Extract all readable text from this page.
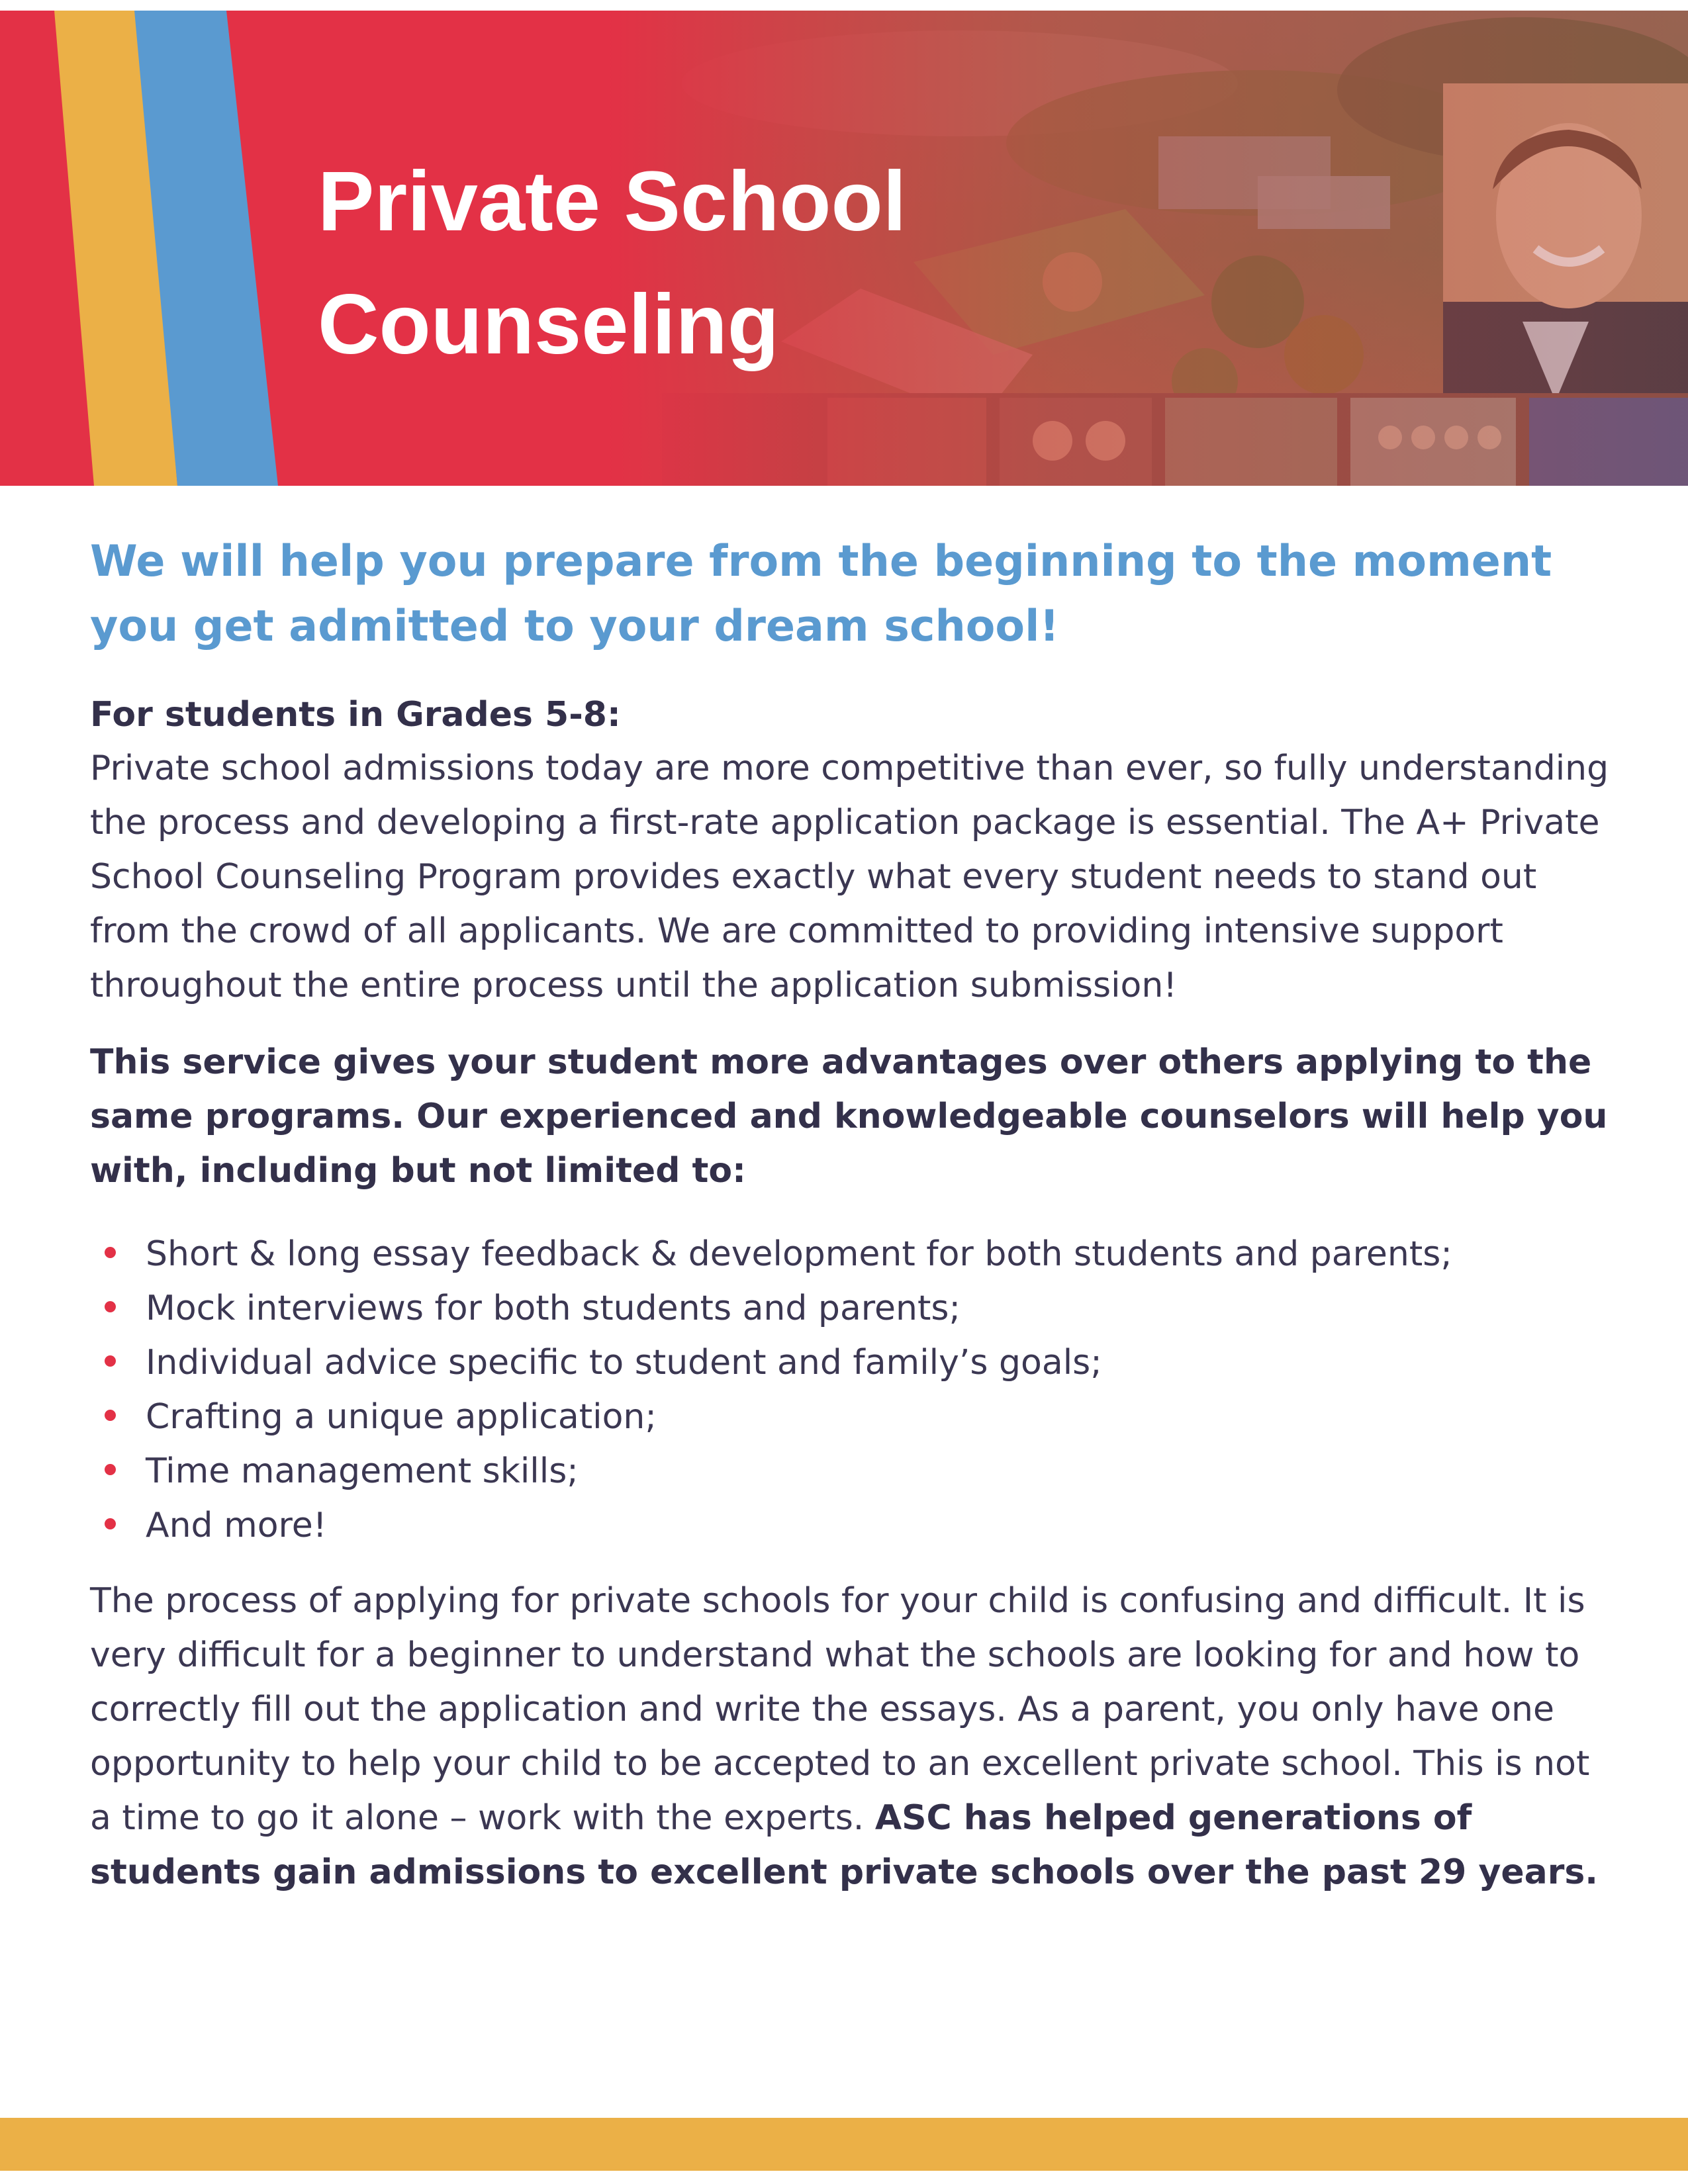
Private School
Counseling

We will help you prepare from the beginning to the moment you get admitted to your dream school!

For students in Grades 5-8:

Private school admissions today are more competitive than ever, so fully understanding the process and developing a first-rate application package is essential. The A+ Private School Counseling Program provides exactly what every student needs to stand out from the crowd of all applicants. We are committed to providing intensive support throughout the entire process until the application submission!

This service gives your student more advantages over others applying to the same programs. Our experienced and knowledgeable counselors will help you with, including but not limited to:

Short & long essay feedback & development for both students and parents;
Mock interviews for both students and parents;
Individual advice specific to student and family’s goals;
Crafting a unique application;
Time management skills;
And more!

The process of applying for private schools for your child is confusing and difficult. It is very difficult for a beginner to understand what the schools are looking for and how to correctly fill out the application and write the essays. As a parent, you only have one opportunity to help your child to be accepted to an excellent private school. This is not a time to go it alone – work with the experts. ASC has helped generations of students gain admissions to excellent private schools over the past 29 years.
